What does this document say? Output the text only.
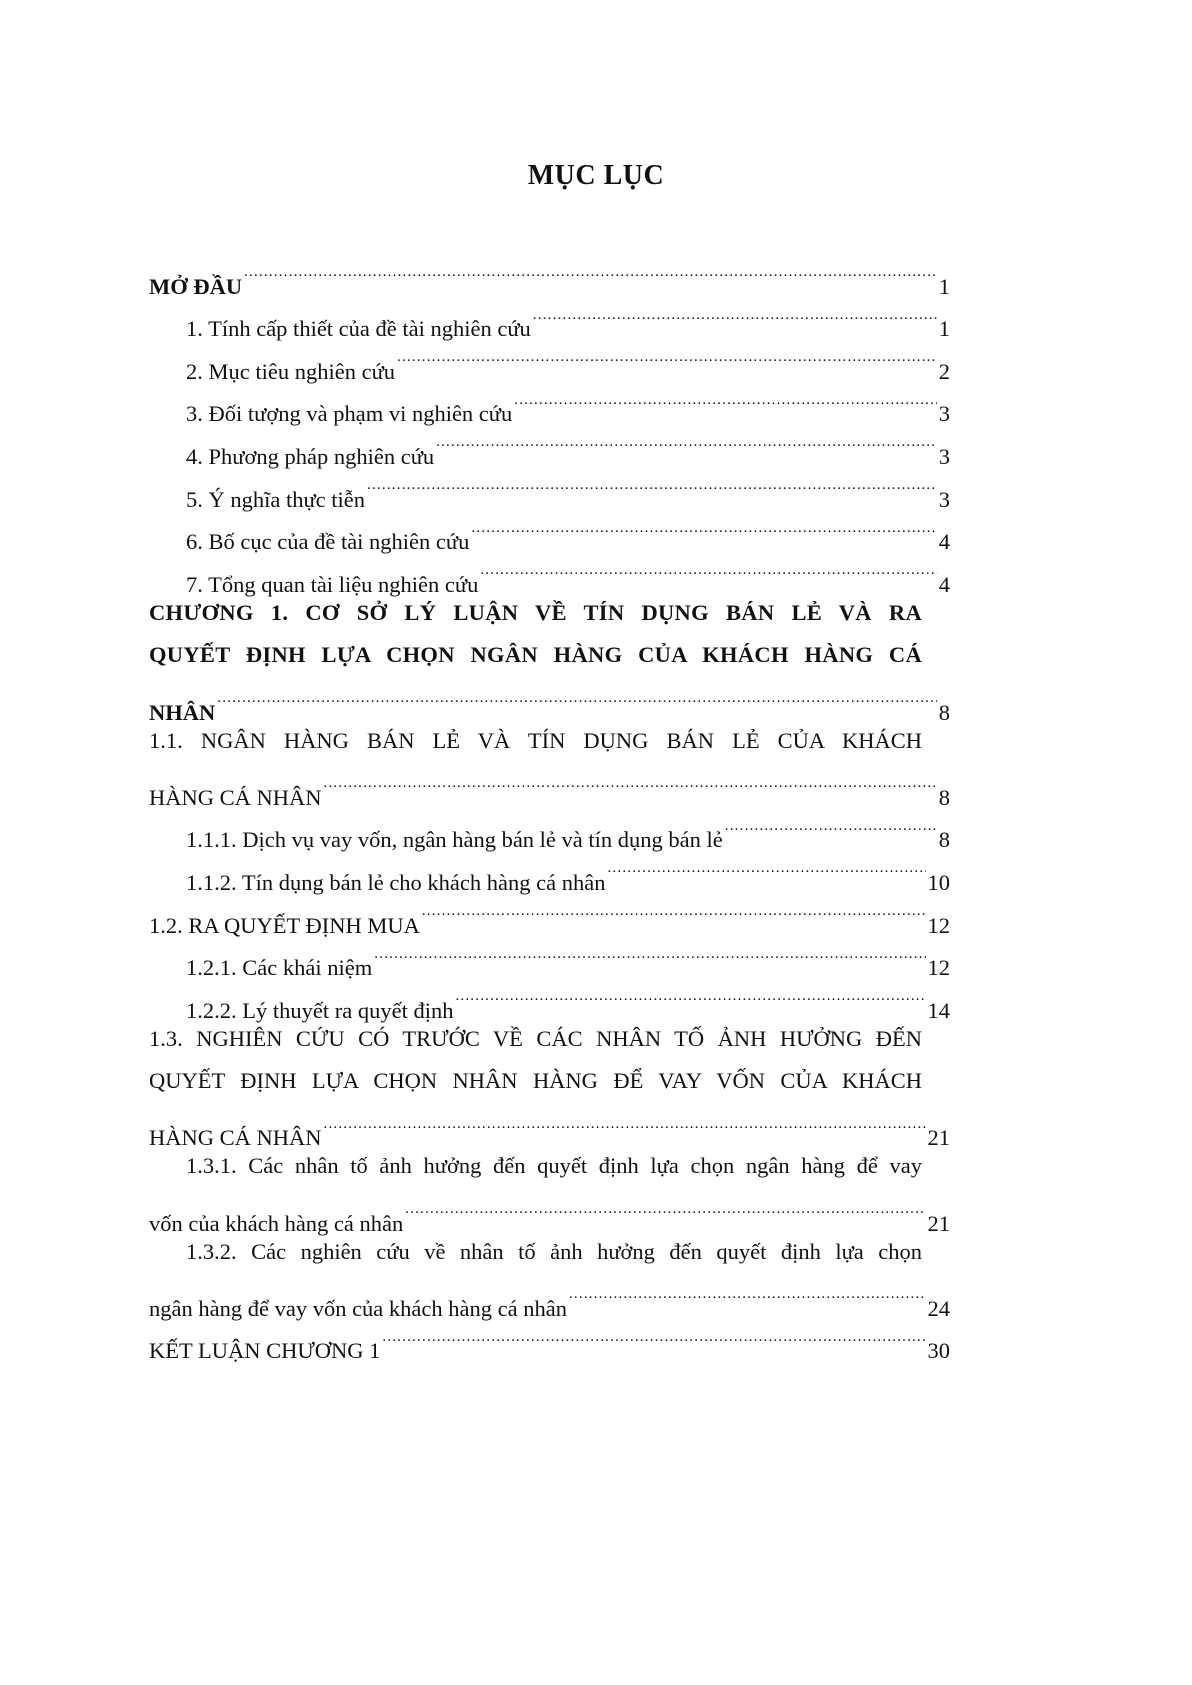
MỤC LỤC
MỞ ĐẦU .....	1
1. Tính cấp thiết của đề tài nghiên cứu .....	1
2. Mục tiêu nghiên cứu .....	2
3. Đối tượng và phạm vi nghiên cứu .....	3
4. Phương pháp nghiên cứu .....	3
5. Ý nghĩa thực tiễn .....	3
6. Bố cục của đề tài nghiên cứu .....	4
7. Tổng quan tài liệu nghiên cứu .....	4
CHƯƠNG 1. CƠ SỞ LÝ LUẬN VỀ TÍN DỤNG BÁN LẺ VÀ RA
QUYẾT ĐỊNH LỰA CHỌN NGÂN HÀNG CỦA KHÁCH HÀNG CÁ
NHÂN .....	8
1.1. NGÂN HÀNG BÁN LẺ VÀ TÍN DỤNG BÁN LẺ CỦA KHÁCH
HÀNG CÁ NHÂN .....	8
1.1.1. Dịch vụ vay vốn, ngân hàng bán lẻ và tín dụng bán lẻ .....	8
1.1.2. Tín dụng bán lẻ cho khách hàng cá nhân .....	10
1.2. RA QUYẾT ĐỊNH MUA .....	12
1.2.1. Các khái niệm .....	12
1.2.2. Lý thuyết ra quyết định .....	14
1.3. NGHIÊN CỨU CÓ TRƯỚC VỀ CÁC NHÂN TỐ ẢNH HƯỞNG ĐẾN
QUYẾT ĐỊNH LỰA CHỌN NHÂN HÀNG ĐỂ VAY VỐN CỦA KHÁCH
HÀNG CÁ NHÂN .....	21
1.3.1. Các nhân tố ảnh hưởng đến quyết định lựa chọn ngân hàng để vay
vốn của khách hàng cá nhân .....	21
1.3.2. Các nghiên cứu về nhân tố ảnh hưởng đến quyết định lựa chọn
ngân hàng để vay vốn của khách hàng cá nhân .....	24
KẾT LUẬN CHƯƠNG 1 .....	30
